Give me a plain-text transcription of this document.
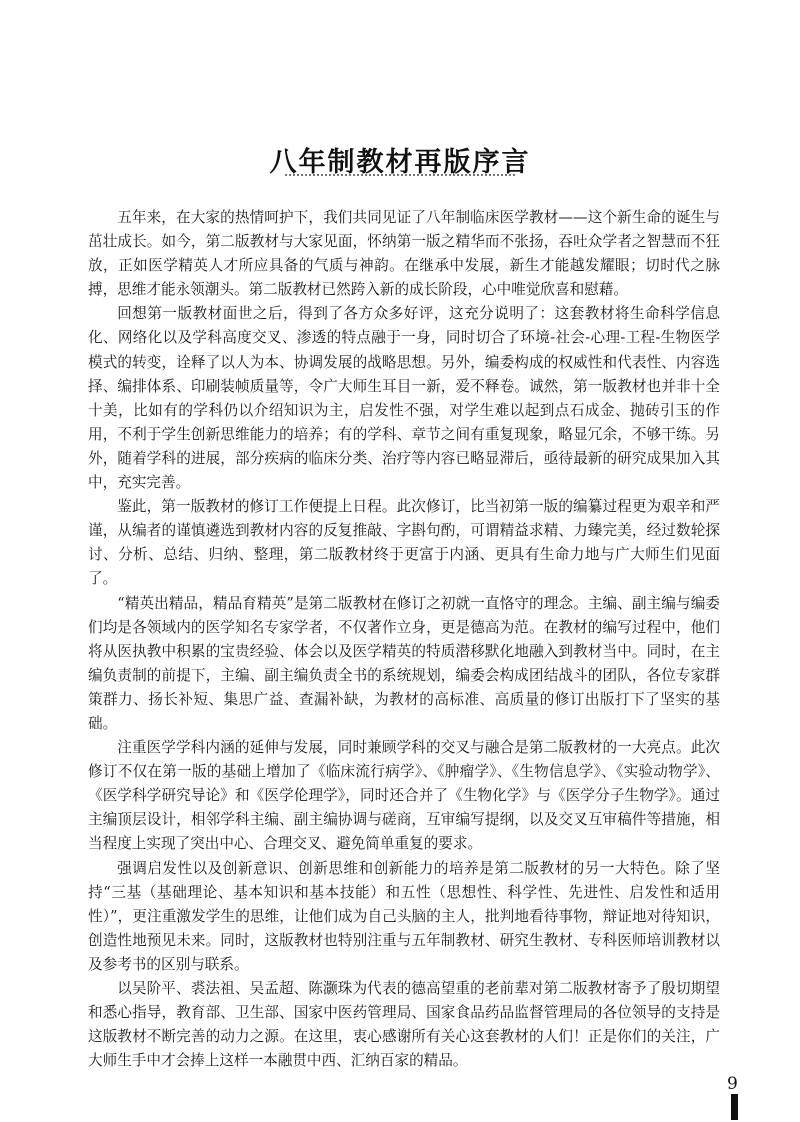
八年制教材再版序言

五年来，在大家的热情呵护下，我们共同见证了八年制临床医学教材——这个新生命的诞生与茁壮成长。如今，第二版教材与大家见面，怀纳第一版之精华而不张扬，吞吐众学者之智慧而不狂放，正如医学精英人才所应具备的气质与神韵。在继承中发展，新生才能越发耀眼；切时代之脉搏，思维才能永领潮头。第二版教材已然跨入新的成长阶段，心中唯觉欣喜和慰藉。

回想第一版教材面世之后，得到了各方众多好评，这充分说明了：这套教材将生命科学信息化、网络化以及学科高度交叉、渗透的特点融于一身，同时切合了环境-社会-心理-工程-生物医学模式的转变，诠释了以人为本、协调发展的战略思想。另外，编委构成的权威性和代表性、内容选择、编排体系、印刷装帧质量等，令广大师生耳目一新，爱不释卷。诚然，第一版教材也并非十全十美，比如有的学科仍以介绍知识为主，启发性不强，对学生难以起到点石成金、抛砖引玉的作用，不利于学生创新思维能力的培养；有的学科、章节之间有重复现象，略显冗余，不够干练。另外，随着学科的进展，部分疾病的临床分类、治疗等内容已略显滞后，亟待最新的研究成果加入其中，充实完善。

鉴此，第一版教材的修订工作便提上日程。此次修订，比当初第一版的编纂过程更为艰辛和严谨，从编者的谨慎遴选到教材内容的反复推敲、字斟句酌，可谓精益求精、力臻完美，经过数轮探讨、分析、总结、归纳、整理，第二版教材终于更富于内涵、更具有生命力地与广大师生们见面了。

“精英出精品，精品育精英”是第二版教材在修订之初就一直恪守的理念。主编、副主编与编委们均是各领域内的医学知名专家学者，不仅著作立身，更是德高为范。在教材的编写过程中，他们将从医执教中积累的宝贵经验、体会以及医学精英的特质潜移默化地融入到教材当中。同时，在主编负责制的前提下，主编、副主编负责全书的系统规划，编委会构成团结战斗的团队，各位专家群策群力、扬长补短、集思广益、查漏补缺，为教材的高标准、高质量的修订出版打下了坚实的基础。

注重医学学科内涵的延伸与发展，同时兼顾学科的交叉与融合是第二版教材的一大亮点。此次修订不仅在第一版的基础上增加了《临床流行病学》、《肿瘤学》、《生物信息学》、《实验动物学》、《医学科学研究导论》和《医学伦理学》，同时还合并了《生物化学》与《医学分子生物学》。通过主编顶层设计，相邻学科主编、副主编协调与磋商，互审编写提纲，以及交叉互审稿件等措施，相当程度上实现了突出中心、合理交叉、避免简单重复的要求。

强调启发性以及创新意识、创新思维和创新能力的培养是第二版教材的另一大特色。除了坚持“三基（基础理论、基本知识和基本技能）和五性（思想性、科学性、先进性、启发性和适用性）”，更注重激发学生的思维，让他们成为自己头脑的主人，批判地看待事物，辩证地对待知识，创造性地预见未来。同时，这版教材也特别注重与五年制教材、研究生教材、专科医师培训教材以及参考书的区别与联系。

以吴阶平、裘法祖、吴孟超、陈灏珠为代表的德高望重的老前辈对第二版教材寄予了殷切期望和悉心指导，教育部、卫生部、国家中医药管理局、国家食品药品监督管理局的各位领导的支持是这版教材不断完善的动力之源。在这里，衷心感谢所有关心这套教材的人们！正是你们的关注，广大师生手中才会捧上这样一本融贯中西、汇纳百家的精品。

9
